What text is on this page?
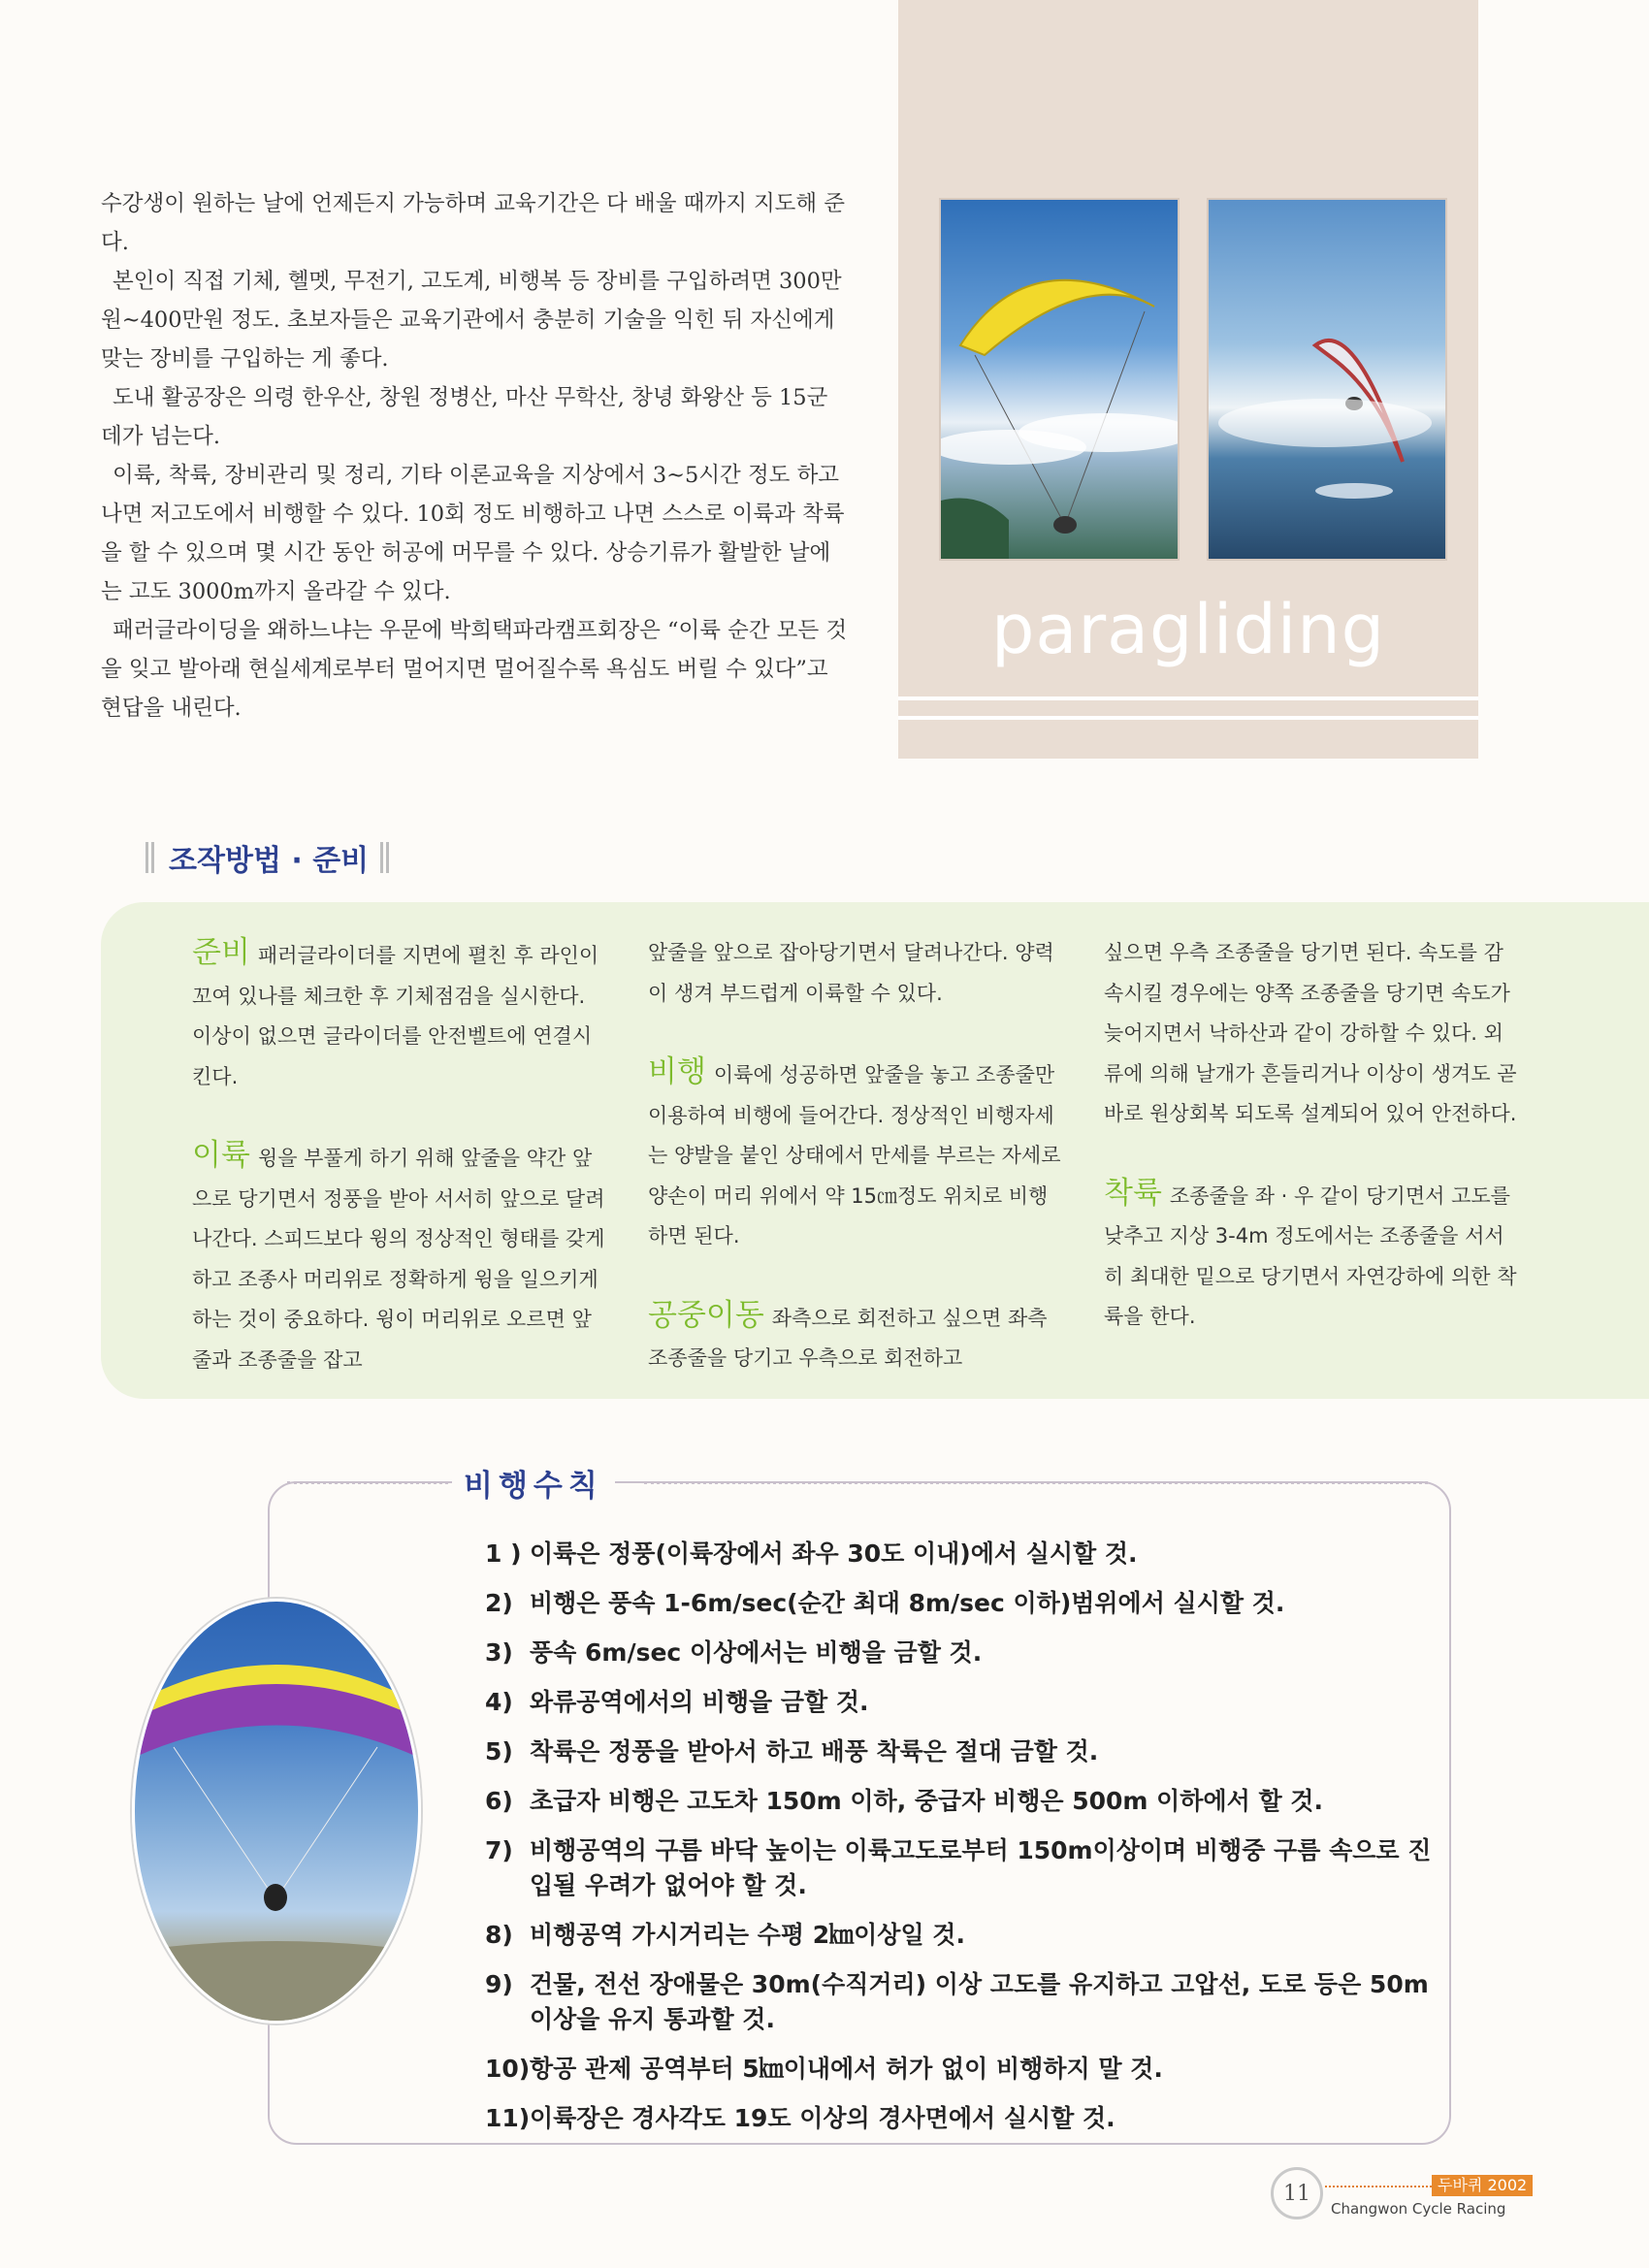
수강생이 원하는 날에 언제든지 가능하며 교육기간은 다 배울 때까지 지도해 준다.

본인이 직접 기체, 헬멧, 무전기, 고도계, 비행복 등 장비를 구입하려면 300만원~400만원 정도. 초보자들은 교육기관에서 충분히 기술을 익힌 뒤 자신에게 맞는 장비를 구입하는 게 좋다.

도내 활공장은 의령 한우산, 창원 정병산, 마산 무학산, 창녕 화왕산 등 15군데가 넘는다.

이륙, 착륙, 장비관리 및 정리, 기타 이론교육을 지상에서 3~5시간 정도 하고 나면 저고도에서 비행할 수 있다. 10회 정도 비행하고 나면 스스로 이륙과 착륙을 할 수 있으며 몇 시간 동안 허공에 머무를 수 있다. 상승기류가 활발한 날에는 고도 3000m까지 올라갈 수 있다.

패러글라이딩을 왜하느냐는 우문에 박희택파라캠프회장은 “이륙 순간 모든 것을 잊고 발아래 현실세계로부터 멀어지면 멀어질수록 욕심도 버릴 수 있다”고 현답을 내린다.

paragliding
조작방법 · 준비

준비 패러글라이더를 지면에 펼친 후 라인이 꼬여 있나를 체크한 후 기체점검을 실시한다. 이상이 없으면 글라이더를 안전벨트에 연결시킨다.

이륙 윙을 부풀게 하기 위해 앞줄을 약간 앞으로 당기면서 정풍을 받아 서서히 앞으로 달려나간다. 스피드보다 윙의 정상적인 형태를 갖게 하고 조종사 머리위로 정확하게 윙을 일으키게 하는 것이 중요하다. 윙이 머리위로 오르면 앞줄과 조종줄을 잡고

앞줄을 앞으로 잡아당기면서 달려나간다. 양력이 생겨 부드럽게 이륙할 수 있다.

비행 이륙에 성공하면 앞줄을 놓고 조종줄만 이용하여 비행에 들어간다. 정상적인 비행자세는 양발을 붙인 상태에서 만세를 부르는 자세로 양손이 머리 위에서 약 15㎝정도 위치로 비행하면 된다.

공중이동 좌측으로 회전하고 싶으면 좌측 조종줄을 당기고 우측으로 회전하고

싶으면 우측 조종줄을 당기면 된다. 속도를 감속시킬 경우에는 양쪽 조종줄을 당기면 속도가 늦어지면서 낙하산과 같이 강하할 수 있다. 외류에 의해 날개가 흔들리거나 이상이 생겨도 곧바로 원상회복 되도록 설계되어 있어 안전하다.

착륙 조종줄을 좌 · 우 같이 당기면서 고도를 낮추고 지상 3-4m 정도에서는 조종줄을 서서히 최대한 밑으로 당기면서 자연강하에 의한 착륙을 한다.

비행수칙
1 ) 이륙은 정풍(이륙장에서 좌우 30도 이내)에서 실시할 것.
2) 비행은 풍속 1-6m/sec(순간 최대 8m/sec 이하)범위에서 실시할 것.
3) 풍속 6m/sec 이상에서는 비행을 금할 것.
4) 와류공역에서의 비행을 금할 것.
5) 착륙은 정풍을 받아서 하고 배풍 착륙은 절대 금할 것.
6) 초급자 비행은 고도차 150m 이하, 중급자 비행은 500m 이하에서 할 것.
7) 비행공역의 구름 바닥 높이는 이륙고도로부터 150m이상이며 비행중 구름 속으로 진입될 우려가 없어야 할 것.
8) 비행공역 가시거리는 수평 2㎞이상일 것.
9) 건물, 전선 장애물은 30m(수직거리) 이상 고도를 유지하고 고압선, 도로 등은 50m 이상을 유지 통과할 것.
10) 항공 관제 공역부터 5㎞이내에서 허가 없이 비행하지 말 것.
11) 이륙장은 경사각도 19도 이상의 경사면에서 실시할 것.
11	두바퀴 2002
Changwon Cycle Racing
